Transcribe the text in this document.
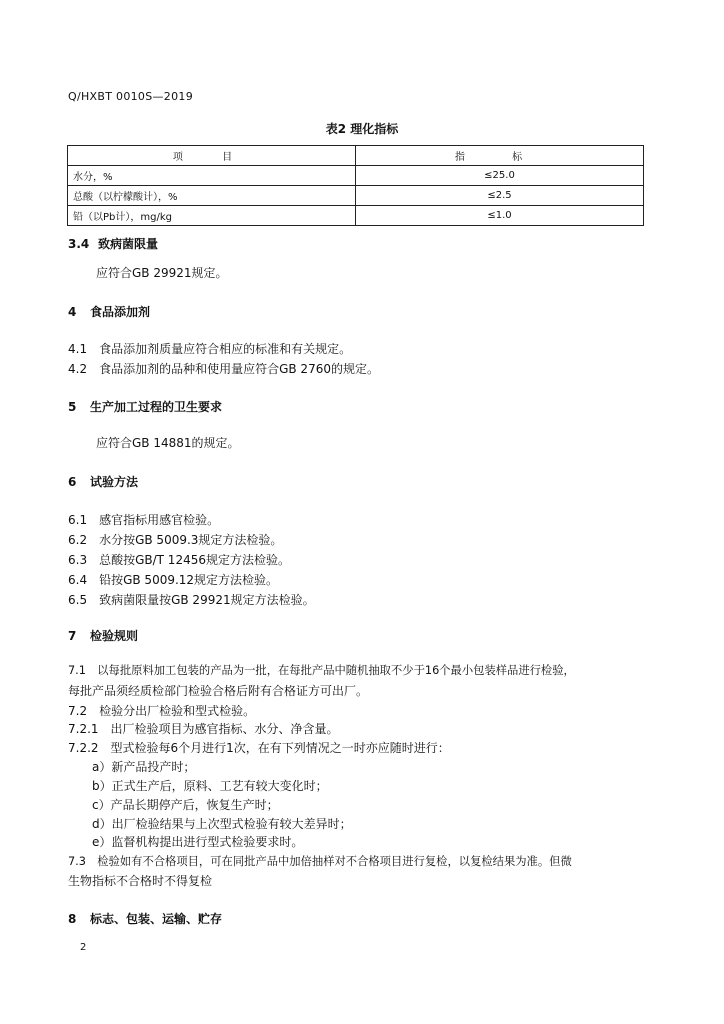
Q/HXBT 0010S—2019
表2 理化指标
项 目	指 标
水分，%	≤25.0
总酸（以柠檬酸计），%	≤2.5
铅（以Pb计），mg/kg	≤1.0
3.4 致病菌限量
应符合GB 29921规定。
4 食品添加剂
4.1　食品添加剂质量应符合相应的标准和有关规定。
4.2　食品添加剂的品种和使用量应符合GB 2760的规定。
5 生产加工过程的卫生要求
应符合GB 14881的规定。
6 试验方法
6.1　感官指标用感官检验。
6.2　水分按GB 5009.3规定方法检验。
6.3　总酸按GB/T 12456规定方法检验。
6.4　铅按GB 5009.12规定方法检验。
6.5　致病菌限量按GB 29921规定方法检验。
7 检验规则
7.1　以每批原料加工包装的产品为一批，在每批产品中随机抽取不少于16个最小包装样品进行检验，
每批产品须经质检部门检验合格后附有合格证方可出厂。
7.2　检验分出厂检验和型式检验。
7.2.1　出厂检验项目为感官指标、水分、净含量。
7.2.2　型式检验每6个月进行1次，在有下列情况之一时亦应随时进行：
a）新产品投产时；
b）正式生产后，原料、工艺有较大变化时；
c）产品长期停产后，恢复生产时；
d）出厂检验结果与上次型式检验有较大差异时；
e）监督机构提出进行型式检验要求时。
7.3　检验如有不合格项目，可在同批产品中加倍抽样对不合格项目进行复检，以复检结果为准。但微
生物指标不合格时不得复检
8 标志、包装、运输、贮存
2
